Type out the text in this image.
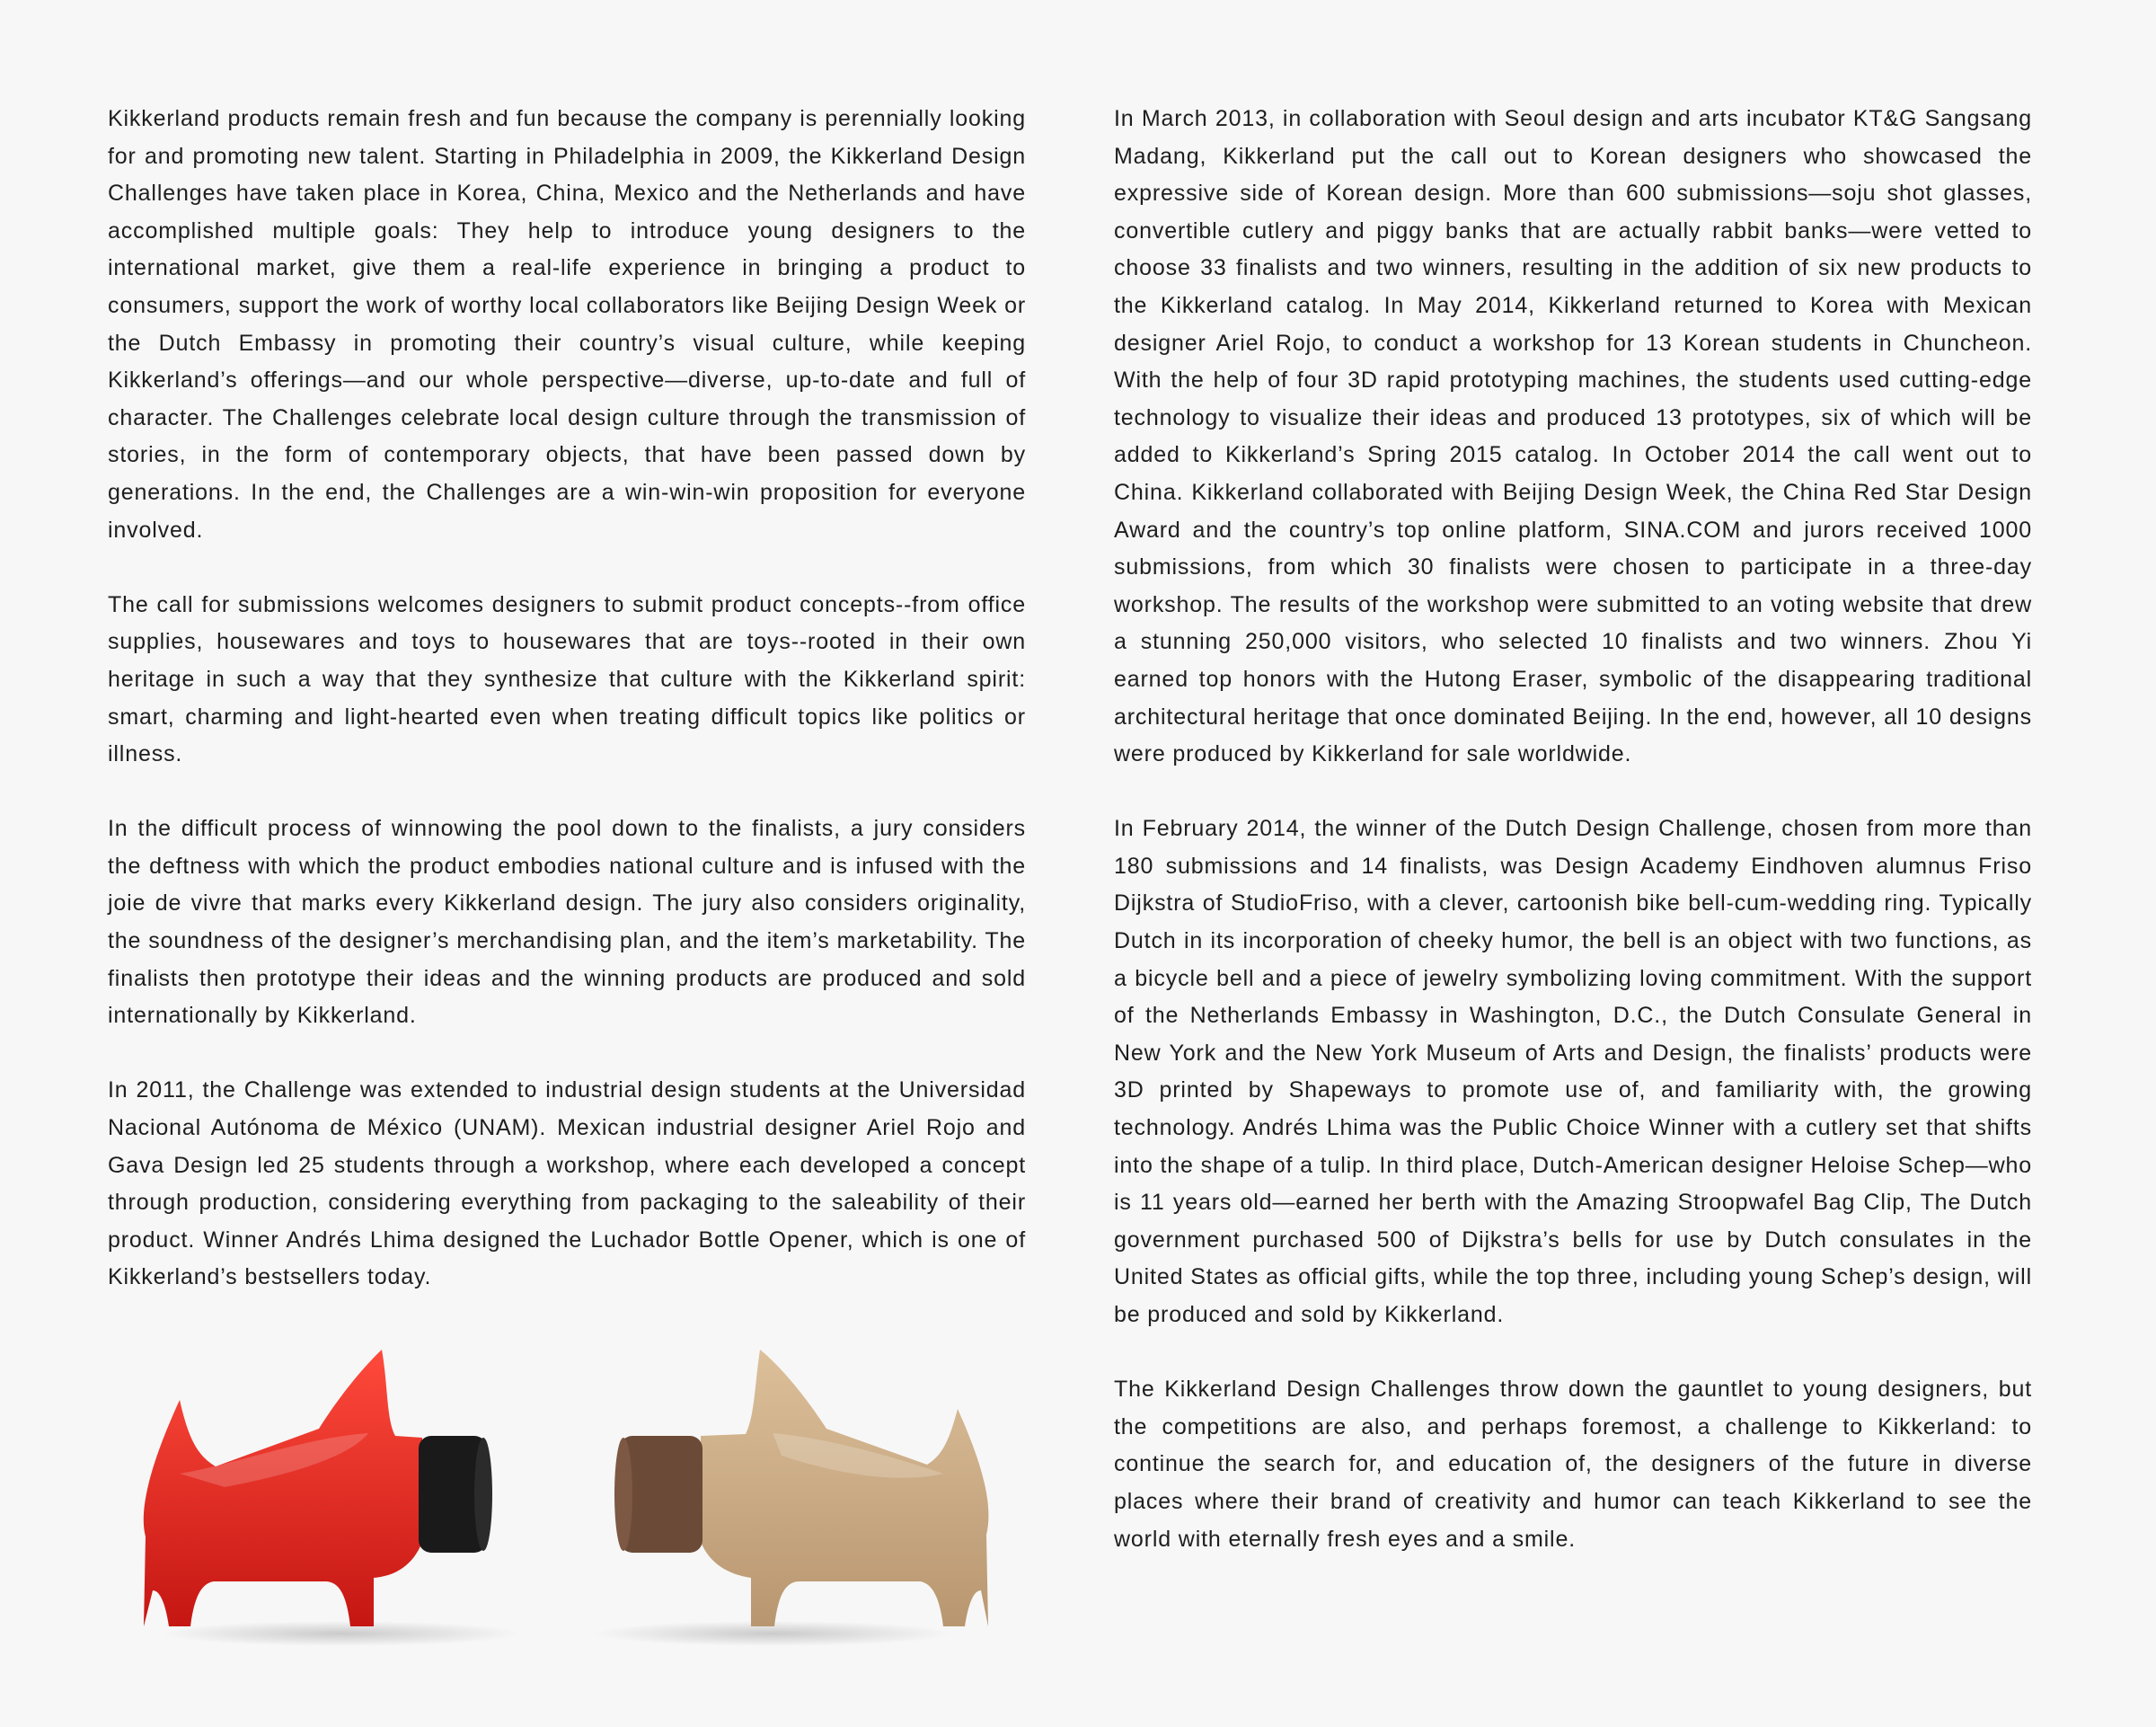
Kikkerland products remain fresh and fun because the company is perennially looking for and promoting new talent. Starting in Philadelphia in 2009, the Kikkerland Design Challenges have taken place in Korea, China, Mexico and the Netherlands and have accomplished multiple goals: They help to introduce young designers to the international market, give them a real-life experience in bringing a product to consumers, support the work of worthy local collaborators like Beijing Design Week or the Dutch Embassy in promoting their country’s visual culture, while keeping Kikkerland’s offerings—and our whole perspective—diverse, up-to-date and full of character. The Challenges celebrate local design culture through the transmission of stories, in the form of contemporary objects, that have been passed down by generations. In the end, the Challenges are a win-win-win proposition for everyone involved.

The call for submissions welcomes designers to submit product concepts--from office supplies, housewares and toys to housewares that are toys--rooted in their own heritage in such a way that they synthesize that culture with the Kikkerland spirit: smart, charming and light-hearted even when treating difficult topics like politics or illness.

In the difficult process of winnowing the pool down to the finalists, a jury considers the deftness with which the product embodies national culture and is infused with the joie de vivre that marks every Kikkerland design. The jury also considers originality, the soundness of the designer’s merchandising plan, and the item’s marketability. The finalists then prototype their ideas and the winning products are produced and sold internationally by Kikkerland.

In 2011, the Challenge was extended to industrial design students at the Universidad Nacional Autónoma de México (UNAM). Mexican industrial designer Ariel Rojo and Gava Design led 25 students through a workshop, where each developed a concept through production, considering everything from packaging to the saleability of their product. Winner Andrés Lhima designed the Luchador Bottle Opener, which is one of Kikkerland’s bestsellers today.

In March 2013, in collaboration with Seoul design and arts incubator KT&G Sangsang Madang, Kikkerland put the call out to Korean designers who showcased the expressive side of Korean design. More than 600 submissions—soju shot glasses, convertible cutlery and piggy banks that are actually rabbit banks—were vetted to choose 33 finalists and two winners, resulting in the addition of six new products to the Kikkerland catalog. In May 2014, Kikkerland returned to Korea with Mexican designer Ariel Rojo, to conduct a workshop for 13 Korean students in Chuncheon. With the help of four 3D rapid prototyping machines, the students used cutting-edge technology to visualize their ideas and produced 13 prototypes, six of which will be added to Kikkerland’s Spring 2015 catalog. In October 2014 the call went out to China. Kikkerland collaborated with Beijing Design Week, the China Red Star Design Award and the country’s top online platform, SINA.COM and jurors received 1000 submissions, from which 30 finalists were chosen to participate in a three-day workshop. The results of the workshop were submitted to an voting website that drew a stunning 250,000 visitors, who selected 10 finalists and two winners. Zhou Yi earned top honors with the Hutong Eraser, symbolic of the disappearing traditional architectural heritage that once dominated Beijing. In the end, however, all 10 designs were produced by Kikkerland for sale worldwide.

In February 2014, the winner of the Dutch Design Challenge, chosen from more than 180 submissions and 14 finalists, was Design Academy Eindhoven alumnus Friso Dijkstra of StudioFriso, with a clever, cartoonish bike bell-cum-wedding ring. Typically Dutch in its incorporation of cheeky humor, the bell is an object with two functions, as a bicycle bell and a piece of jewelry symbolizing loving commitment. With the support of the Netherlands Embassy in Washington, D.C., the Dutch Consulate General in New York and the New York Museum of Arts and Design, the finalists’ products were 3D printed by Shapeways to promote use of, and familiarity with, the growing technology. Andrés Lhima was the Public Choice Winner with a cutlery set that shifts into the shape of a tulip. In third place, Dutch-American designer Heloise Schep—who is 11 years old—earned her berth with the Amazing Stroopwafel Bag Clip, The Dutch government purchased 500 of Dijkstra’s bells for use by Dutch consulates in the United States as official gifts, while the top three, including young Schep’s design, will be produced and sold by Kikkerland.

The Kikkerland Design Challenges throw down the gauntlet to young designers, but the competitions are also, and perhaps foremost, a challenge to Kikkerland: to continue the search for, and education of, the designers of the future in diverse places where their brand of creativity and humor can teach Kikkerland to see the world with eternally fresh eyes and a smile.
